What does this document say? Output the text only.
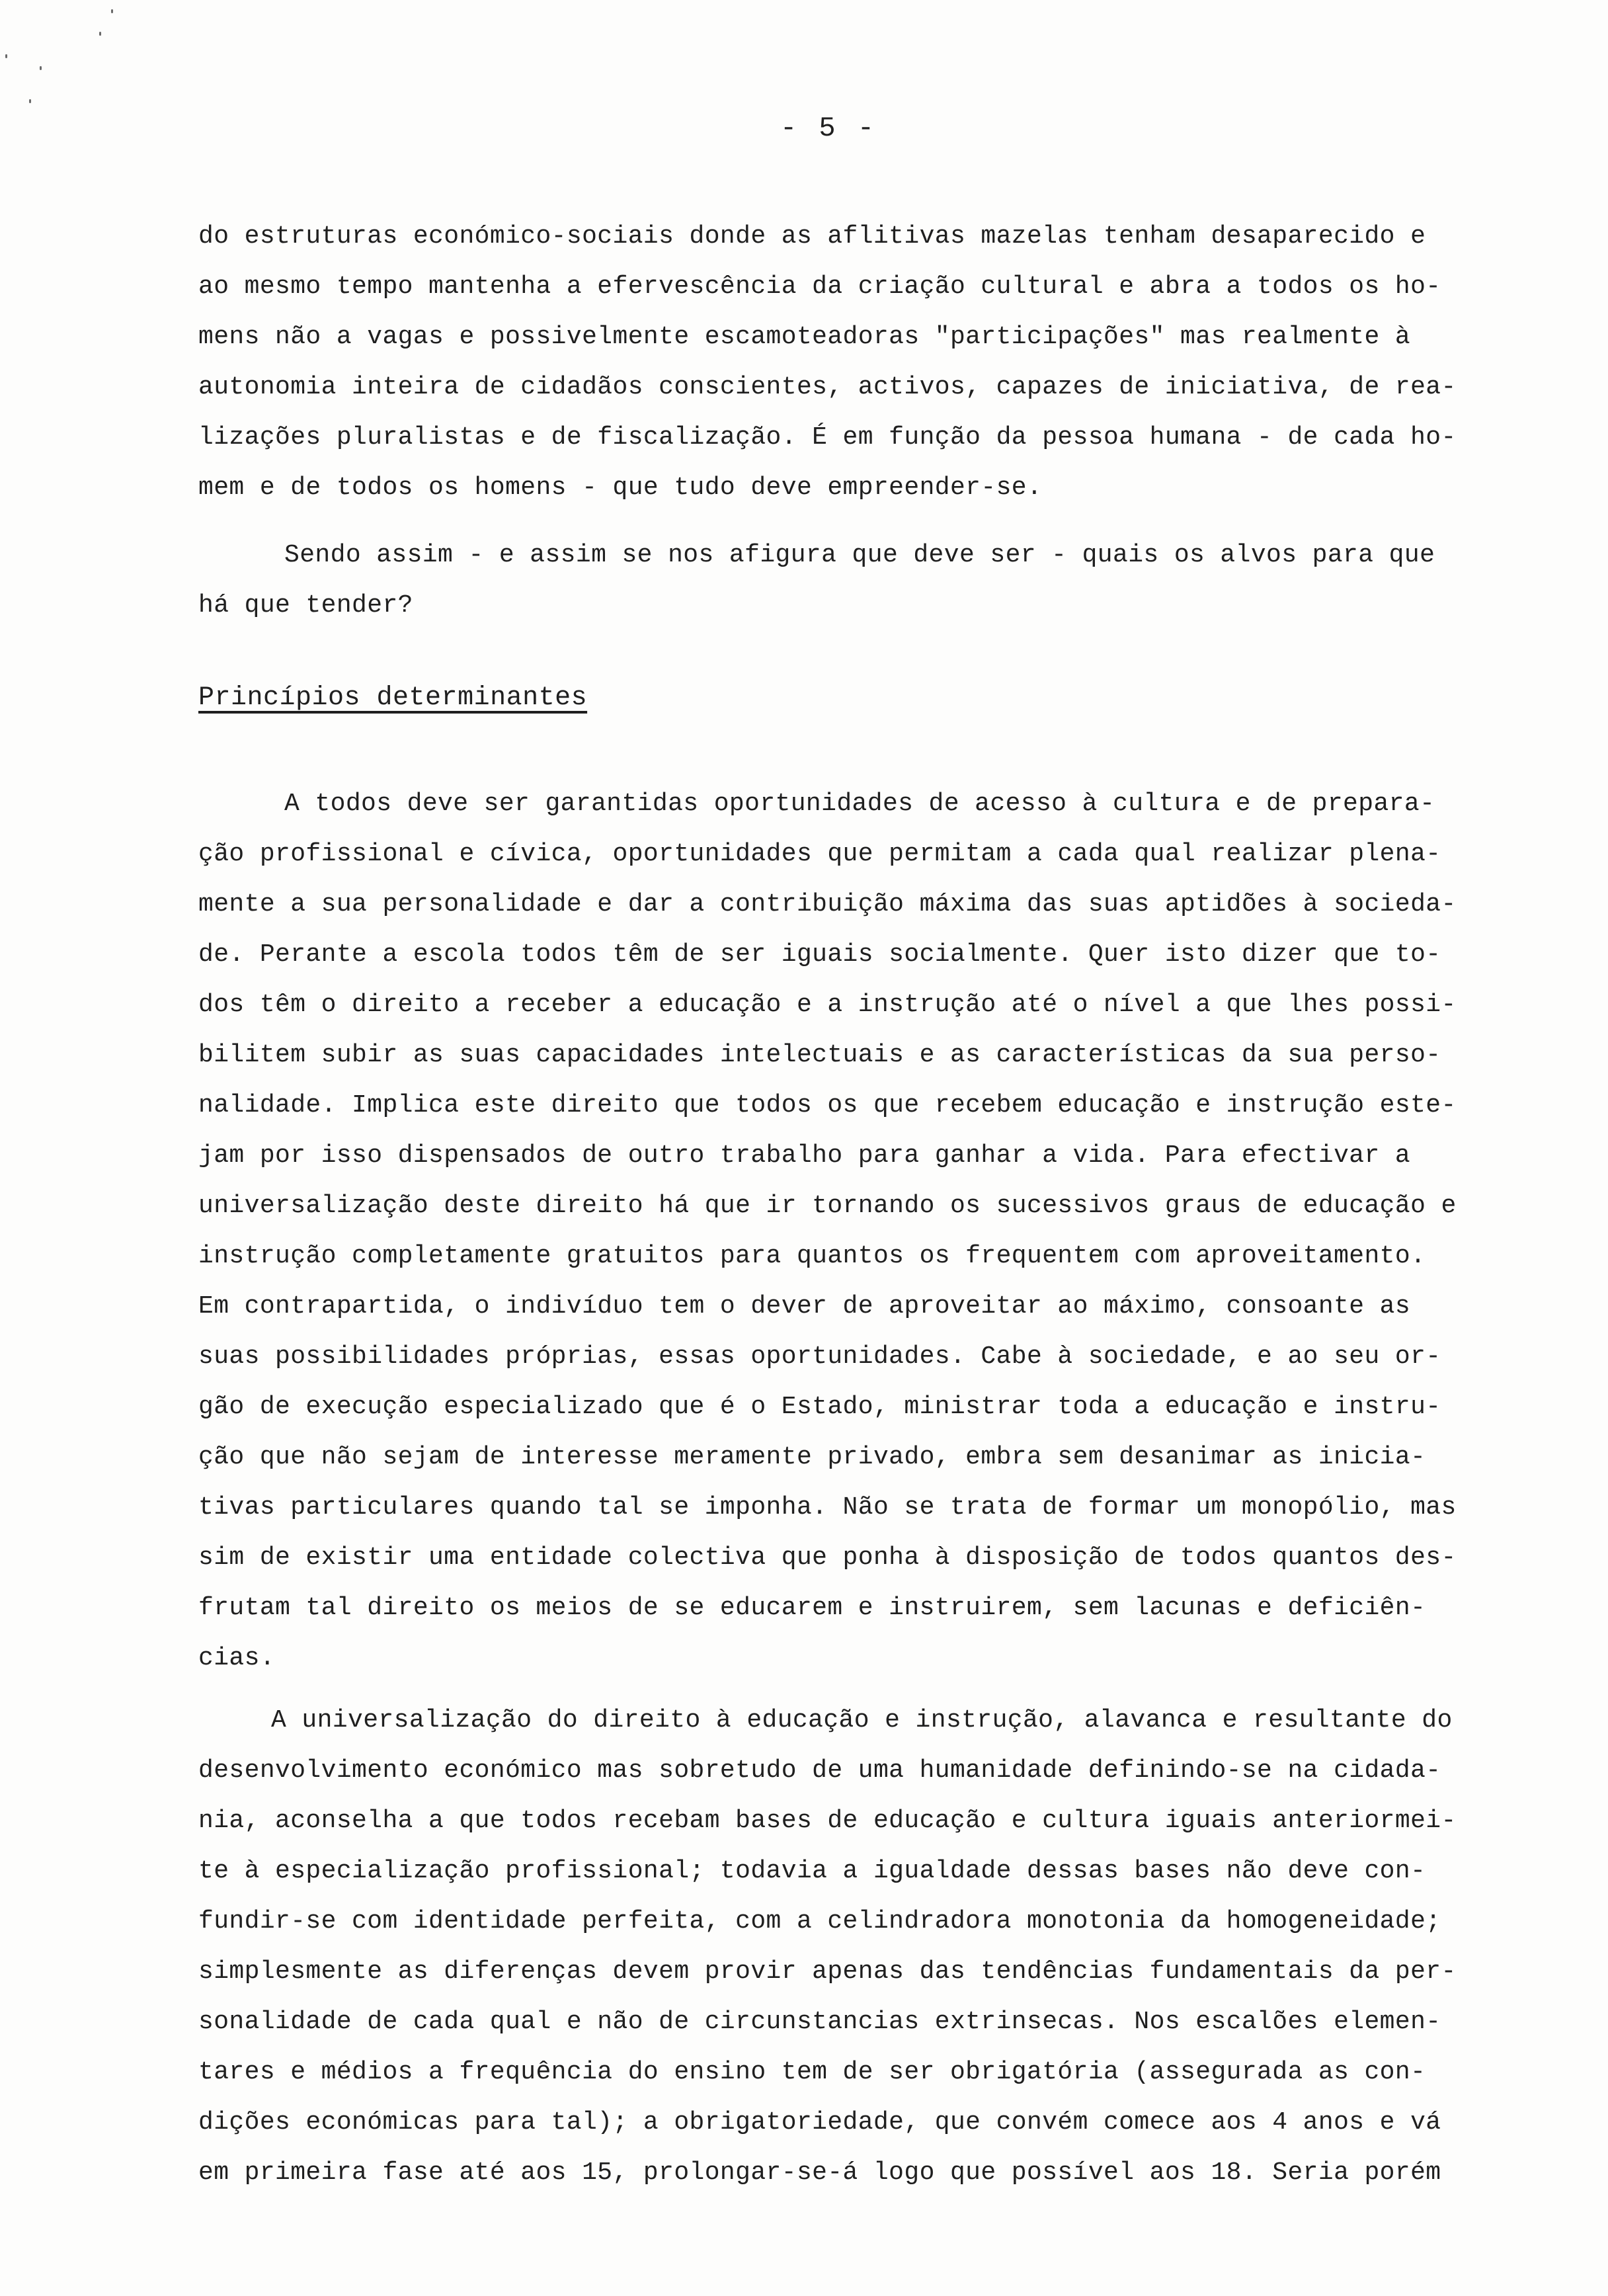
- 5 -
do estruturas económico-sociais donde as aflitivas mazelas tenham desaparecido e
ao mesmo tempo mantenha a efervescência da criação cultural e abra a todos os ho-
mens não a vagas e possivelmente escamoteadoras "participações" mas realmente à
autonomia inteira de cidadãos conscientes, activos, capazes de iniciativa, de rea-
lizações pluralistas e de fiscalização. É em função da pessoa humana - de cada ho-
mem e de todos os homens - que tudo deve empreender-se.
Sendo assim - e assim se nos afigura que deve ser - quais os alvos para que
há que tender?
Princípios determinantes
A todos deve ser garantidas oportunidades de acesso à cultura e de prepara-
ção profissional e cívica, oportunidades que permitam a cada qual realizar plena-
mente a sua personalidade e dar a contribuição máxima das suas aptidões à socieda-
de. Perante a escola todos têm de ser iguais socialmente. Quer isto dizer que to-
dos têm o direito a receber a educação e a instrução até o nível a que lhes possi-
bilitem subir as suas capacidades intelectuais e as características da sua perso-
nalidade. Implica este direito que todos os que recebem educação e instrução este-
jam por isso dispensados de outro trabalho para ganhar a vida. Para efectivar a
universalização deste direito há que ir tornando os sucessivos graus de educação e
instrução completamente gratuitos para quantos os frequentem com aproveitamento.
Em contrapartida, o indivíduo tem o dever de aproveitar ao máximo, consoante as
suas possibilidades próprias, essas oportunidades. Cabe à sociedade, e ao seu or-
gão de execução especializado que é o Estado, ministrar toda a educação e instru-
ção que não sejam de interesse meramente privado, embra sem desanimar as inicia-
tivas particulares quando tal se imponha. Não se trata de formar um monopólio, mas
sim de existir uma entidade colectiva que ponha à disposição de todos quantos des-
frutam tal direito os meios de se educarem e instruirem, sem lacunas e deficiên-
cias.
A universalização do direito à educação e instrução, alavanca e resultante do
desenvolvimento económico mas sobretudo de uma humanidade definindo-se na cidada-
nia, aconselha a que todos recebam bases de educação e cultura iguais anteriormei-
te à especialização profissional; todavia a igualdade dessas bases não deve con-
fundir-se com identidade perfeita, com a celindradora monotonia da homogeneidade;
simplesmente as diferenças devem provir apenas das tendências fundamentais da per-
sonalidade de cada qual e não de circunstancias extrinsecas. Nos escalões elemen-
tares e médios a frequência do ensino tem de ser obrigatória (assegurada as con-
dições económicas para tal); a obrigatoriedade, que convém comece aos 4 anos e vá
em primeira fase até aos 15, prolongar-se-á logo que possível aos 18. Seria porém
